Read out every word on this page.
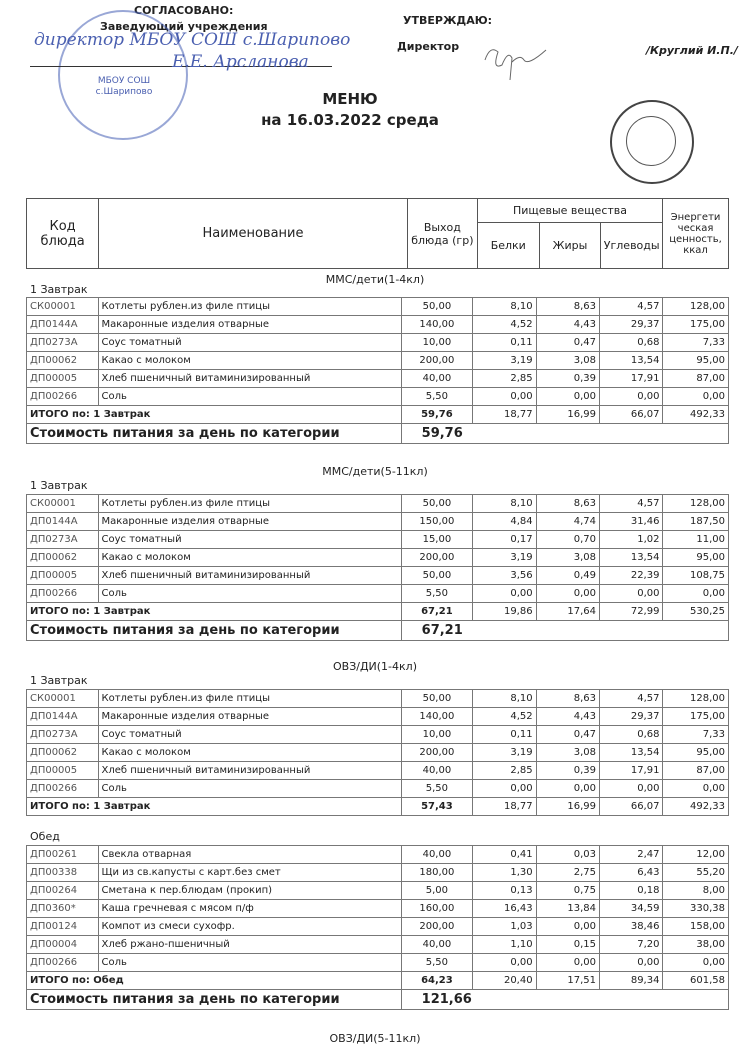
СОГЛАСОВАНО:
Заведующий учреждения
МБОУ СОШ с.Шарипово
директор МБОУ СОШ с.Шарипово
Е.Е. Арсланова
УТВЕРЖДАЮ:
Директор	/Круглий И.П./
МЕНЮ
на 16.03.2022 среда
Код блюда	Наименование	Выход блюда (гр)	Пищевые вещества			Энергети ческая ценность, ккал
			Белки	Жиры	Углеводы	
ММС/дети(1-4кл)
1 Завтрак
СК00001	Котлеты рублен.из филе птицы	50,00	8,10	8,63	4,57	128,00
ДП0144А	Макаронные изделия отварные	140,00	4,52	4,43	29,37	175,00
ДП0273А	Соус томатный	10,00	0,11	0,47	0,68	7,33
ДП00062	Какао с молоком	200,00	3,19	3,08	13,54	95,00
ДП00005	Хлеб пшеничный витаминизированный	40,00	2,85	0,39	17,91	87,00
ДП00266	Соль	5,50	0,00	0,00	0,00	0,00
ИТОГО по: 1 Завтрак		59,76	18,77	16,99	66,07	492,33
Стоимость питания за день по категории		59,76				
ММС/дети(5-11кл)
1 Завтрак
СК00001	Котлеты рублен.из филе птицы	50,00	8,10	8,63	4,57	128,00
ДП0144А	Макаронные изделия отварные	150,00	4,84	4,74	31,46	187,50
ДП0273А	Соус томатный	15,00	0,17	0,70	1,02	11,00
ДП00062	Какао с молоком	200,00	3,19	3,08	13,54	95,00
ДП00005	Хлеб пшеничный витаминизированный	50,00	3,56	0,49	22,39	108,75
ДП00266	Соль	5,50	0,00	0,00	0,00	0,00
ИТОГО по: 1 Завтрак		67,21	19,86	17,64	72,99	530,25
Стоимость питания за день по категории		67,21				
ОВЗ/ДИ(1-4кл)
1 Завтрак
СК00001	Котлеты рублен.из филе птицы	50,00	8,10	8,63	4,57	128,00
ДП0144А	Макаронные изделия отварные	140,00	4,52	4,43	29,37	175,00
ДП0273А	Соус томатный	10,00	0,11	0,47	0,68	7,33
ДП00062	Какао с молоком	200,00	3,19	3,08	13,54	95,00
ДП00005	Хлеб пшеничный витаминизированный	40,00	2,85	0,39	17,91	87,00
ДП00266	Соль	5,50	0,00	0,00	0,00	0,00
ИТОГО по: 1 Завтрак		57,43	18,77	16,99	66,07	492,33
Обед
ДП00261	Свекла отварная	40,00	0,41	0,03	2,47	12,00
ДП00338	Щи из св.капусты с карт.без смет	180,00	1,30	2,75	6,43	55,20
ДП00264	Сметана к пер.блюдам (прокип)	5,00	0,13	0,75	0,18	8,00
ДП0360*	Каша гречневая с мясом п/ф	160,00	16,43	13,84	34,59	330,38
ДП00124	Компот из смеси сухофр.	200,00	1,03	0,00	38,46	158,00
ДП00004	Хлеб ржано-пшеничный	40,00	1,10	0,15	7,20	38,00
ДП00266	Соль	5,50	0,00	0,00	0,00	0,00
ИТОГО по: Обед		64,23	20,40	17,51	89,34	601,58
Стоимость питания за день по категории		121,66				
ОВЗ/ДИ(5-11кл)
